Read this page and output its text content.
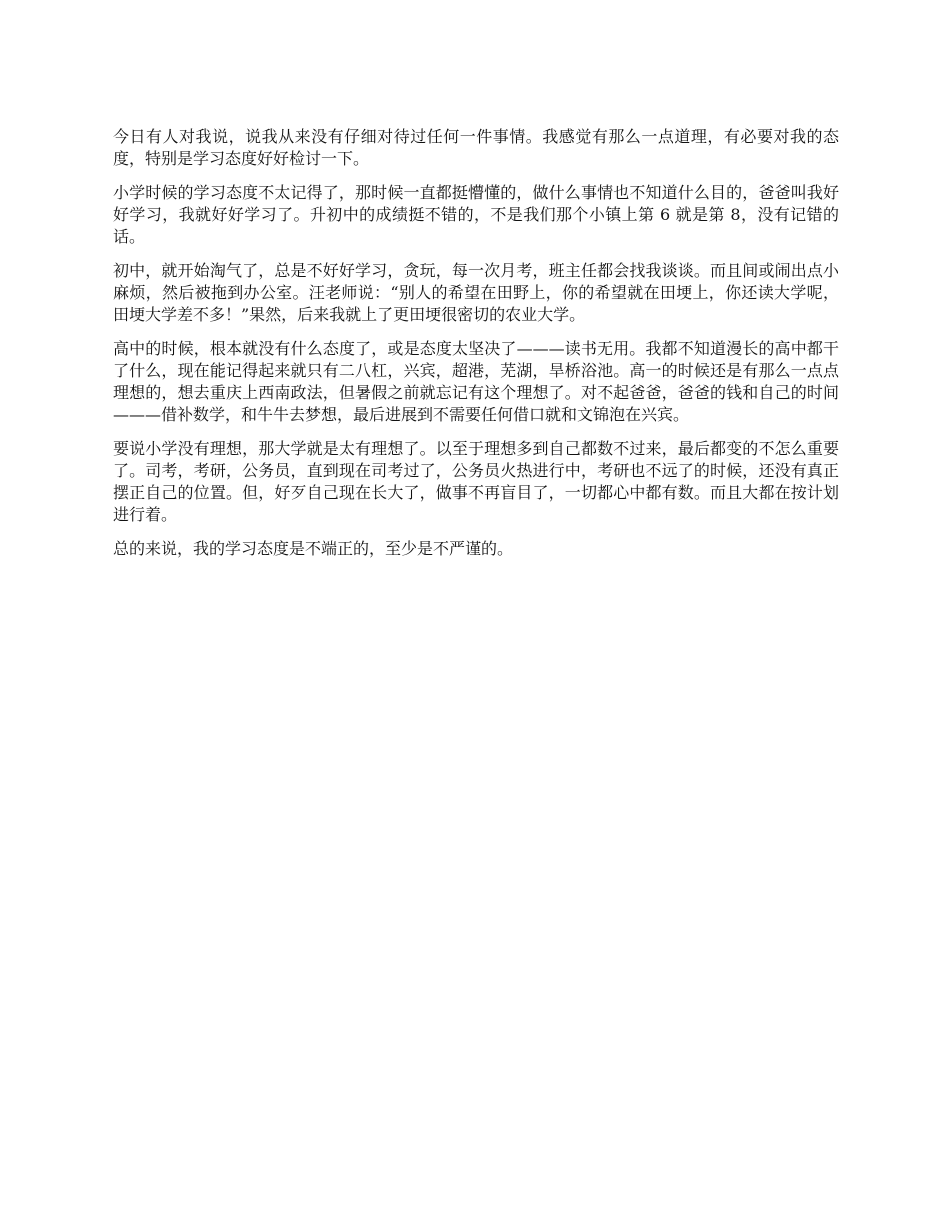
今日有人对我说，说我从来没有仔细对待过任何一件事情。我感觉有那么一点道理，有必要对我的态度，特别是学习态度好好检讨一下。

小学时候的学习态度不太记得了，那时候一直都挺懵懂的，做什么事情也不知道什么目的，爸爸叫我好好学习，我就好好学习了。升初中的成绩挺不错的，不是我们那个小镇上第 6 就是第 8，没有记错的话。

初中，就开始淘气了，总是不好好学习，贪玩，每一次月考，班主任都会找我谈谈。而且间或闹出点小麻烦，然后被拖到办公室。汪老师说：“别人的希望在田野上，你的希望就在田埂上，你还读大学呢，田埂大学差不多！”果然，后来我就上了更田埂很密切的农业大学。

高中的时候，根本就没有什么态度了，或是态度太坚决了———读书无用。我都不知道漫长的高中都干了什么，现在能记得起来就只有二八杠，兴宾，超港，芜湖，旱桥浴池。高一的时候还是有那么一点点理想的，想去重庆上西南政法，但暑假之前就忘记有这个理想了。对不起爸爸，爸爸的钱和自己的时间———借补数学，和牛牛去梦想，最后进展到不需要任何借口就和文锦泡在兴宾。

要说小学没有理想，那大学就是太有理想了。以至于理想多到自己都数不过来，最后都变的不怎么重要了。司考，考研，公务员，直到现在司考过了，公务员火热进行中，考研也不远了的时候，还没有真正摆正自己的位置。但，好歹自己现在长大了，做事不再盲目了，一切都心中都有数。而且大都在按计划进行着。

总的来说，我的学习态度是不端正的，至少是不严谨的。
